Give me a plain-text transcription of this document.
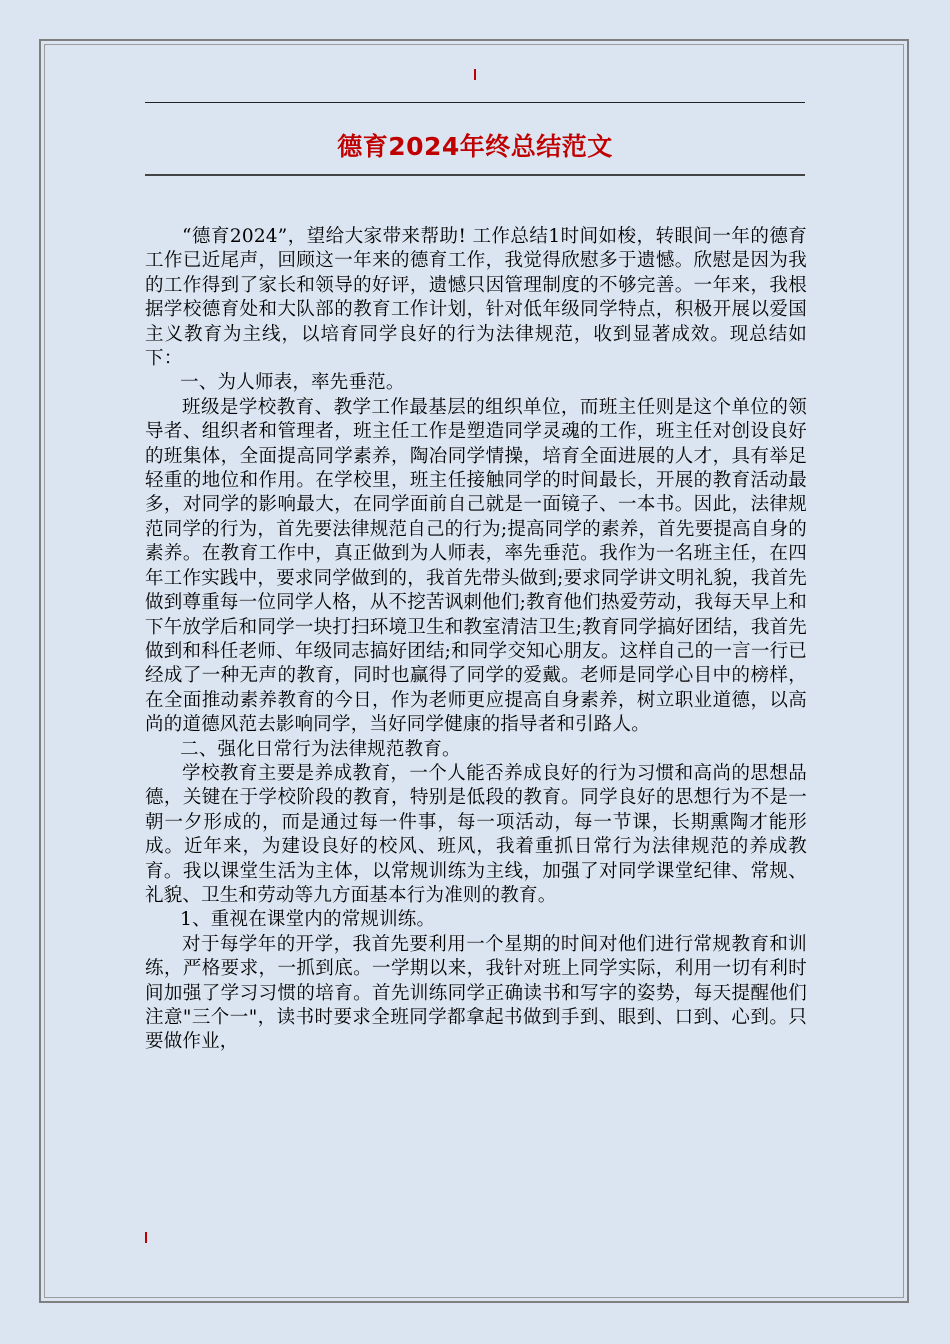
德育2024年终总结范文

“德育2024”，望给大家带来帮助! 工作总结1时间如梭，转眼间一年的德育工作已近尾声，回顾这一年来的德育工作，我觉得欣慰多于遗憾。欣慰是因为我的工作得到了家长和领导的好评，遗憾只因管理制度的不够完善。一年来，我根据学校德育处和大队部的教育工作计划，针对低年级同学特点，积极开展以爱国主义教育为主线，以培育同学良好的行为法律规范，收到显著成效。现总结如下：

一、为人师表，率先垂范。

班级是学校教育、教学工作最基层的组织单位，而班主任则是这个单位的领导者、组织者和管理者，班主任工作是塑造同学灵魂的工作，班主任对创设良好的班集体，全面提高同学素养，陶冶同学情操，培育全面进展的人才，具有举足轻重的地位和作用。在学校里，班主任接触同学的时间最长，开展的教育活动最多，对同学的影响最大，在同学面前自己就是一面镜子、一本书。因此，法律规范同学的行为，首先要法律规范自己的行为;提高同学的素养，首先要提高自身的素养。在教育工作中，真正做到为人师表，率先垂范。我作为一名班主任，在四年工作实践中，要求同学做到的，我首先带头做到;要求同学讲文明礼貌，我首先做到尊重每一位同学人格，从不挖苦讽刺他们;教育他们热爱劳动，我每天早上和下午放学后和同学一块打扫环境卫生和教室清洁卫生;教育同学搞好团结，我首先做到和科任老师、年级同志搞好团结;和同学交知心朋友。这样自己的一言一行已经成了一种无声的教育，同时也赢得了同学的爱戴。老师是同学心目中的榜样，在全面推动素养教育的今日，作为老师更应提高自身素养，树立职业道德，以高尚的道德风范去影响同学，当好同学健康的指导者和引路人。

二、强化日常行为法律规范教育。

学校教育主要是养成教育，一个人能否养成良好的行为习惯和高尚的思想品德，关键在于学校阶段的教育，特别是低段的教育。同学良好的思想行为不是一朝一夕形成的，而是通过每一件事，每一项活动，每一节课，长期熏陶才能形成。近年来，为建设良好的校风、班风，我着重抓日常行为法律规范的养成教育。我以课堂生活为主体，以常规训练为主线，加强了对同学课堂纪律、常规、礼貌、卫生和劳动等九方面基本行为准则的教育。

1、重视在课堂内的常规训练。

对于每学年的开学，我首先要利用一个星期的时间对他们进行常规教育和训练，严格要求，一抓到底。一学期以来，我针对班上同学实际，利用一切有利时间加强了学习习惯的培育。首先训练同学正确读书和写字的姿势，每天提醒他们注意"三个一"，读书时要求全班同学都拿起书做到手到、眼到、口到、心到。只要做作业，
